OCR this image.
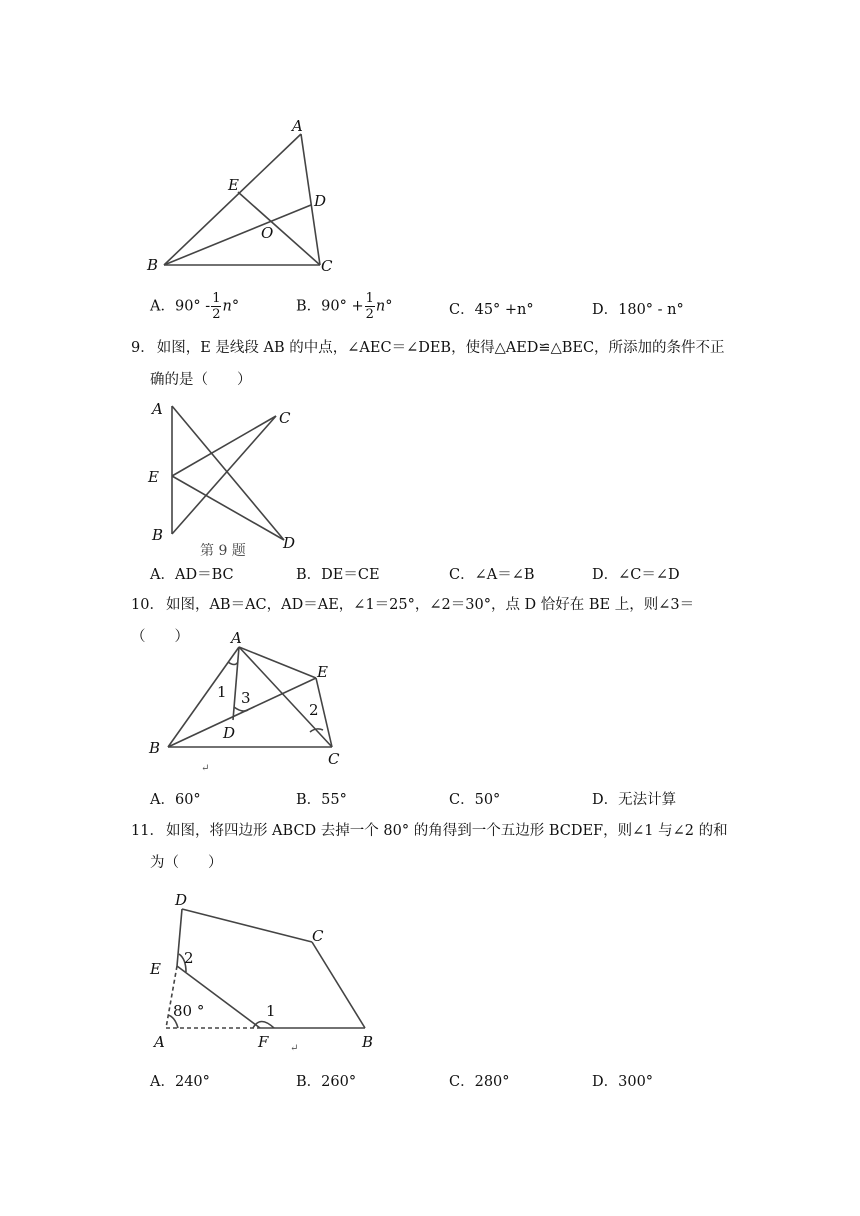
A
E
D
O
B	C
A．$90^\circ - \frac{1}{2} n^\circ$	B．$90^\circ + \frac{1}{2} n^\circ$	C．45° +n°	D．180° - n°

9． 如图，E 是线段 AB 的中点，∠AEC＝∠DEB，使得△AED≌△BEC，所添加的条件不正

确的是（　　）

A	C
E
B	D
第 9 题
A．AD＝BC	B．DE＝CE	C．∠A＝∠B	D．∠C＝∠D

10． 如图，AB＝AC，AD＝AE，∠1＝25°，∠2＝30°，点 D 恰好在 BE 上，则∠3＝（　　）	A
E
1 3
2
D
B
C
↵
A．60°	B．55°	C．50°	D．无法计算

11． 如图，将四边形 ABCD 去掉一个 80° 的角得到一个五边形 BCDEF，则∠1 与∠2 的和

为（　　）

D
C
E
2
80 °	1
A	F ↵	B
A．240°	B．260°	C．280°	D．300°
